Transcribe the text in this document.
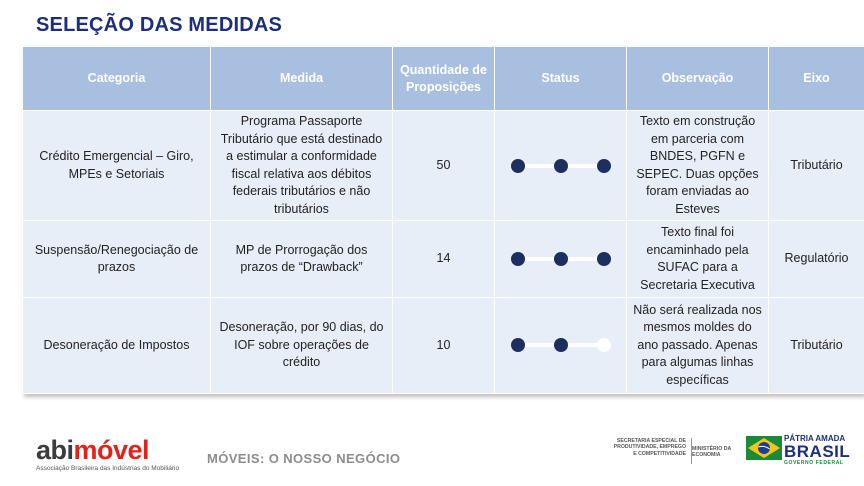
SELEÇÃO DAS MEDIDAS
Categoria	Medida	Quantidade de Proposições	Status	Observação	Eixo
Crédito Emergencial – Giro, MPEs e Setoriais	Programa Passaporte Tributário que está destinado a estimular a conformidade fiscal relativa aos débitos federais tributários e não tributários	50		Texto em construção em parceria com BNDES, PGFN e SEPEC. Duas opções foram enviadas ao Esteves	Tributário
Suspensão/Renegociação de prazos	MP de Prorrogação dos prazos de “Drawback”	14		Texto final foi encaminhado pela SUFAC para a Secretaria Executiva	Regulatório
Desoneração de Impostos	Desoneração, por 90 dias, do IOF sobre operações de crédito	10		Não será realizada nos mesmos moldes do ano passado. Apenas para algumas linhas específicas	Tributário
abimóvel
Associação Brasileira das Indústrias do Mobiliário
MÓVEIS: O NOSSO NEGÓCIO
SECRETARIA ESPECIAL DE PRODUTIVIDADE, EMPREGO E COMPETITIVIDADE
MINISTÉRIO DA ECONOMIA
PÁTRIA AMADA
BRASIL
GOVERNO FEDERAL
